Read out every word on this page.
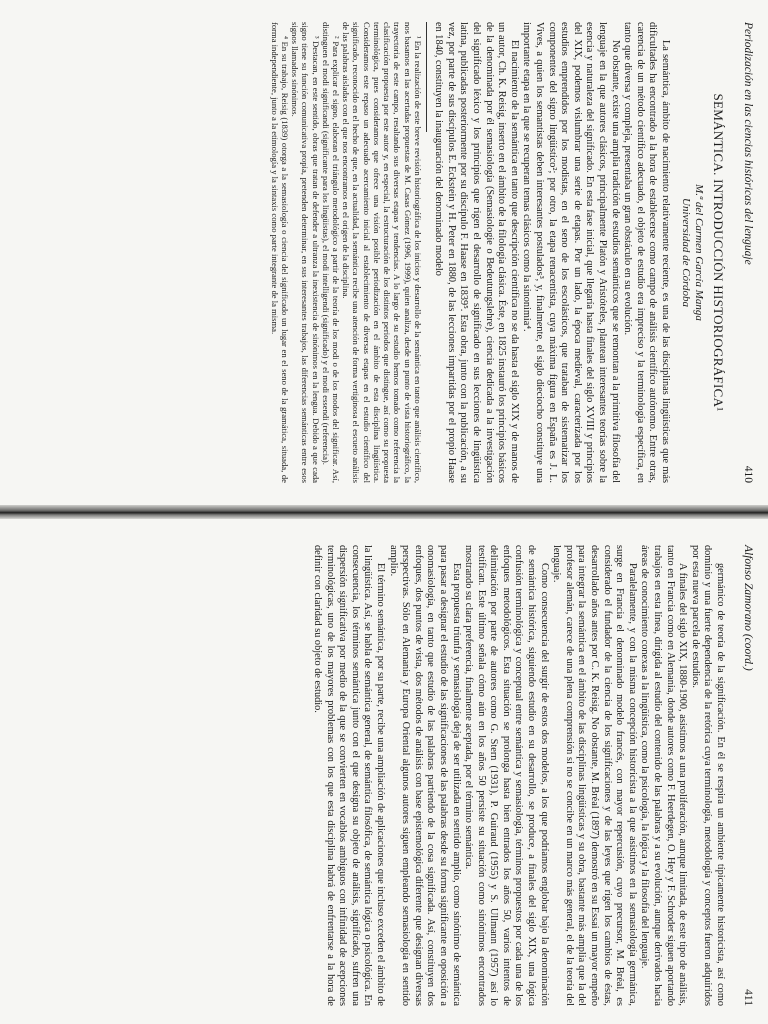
Periodización en las ciencias históricas del lenguaje
410
SEMÁNTICA. INTRODUCCIÓN HISTORIOGRÁFICA¹
M.ª del Carmen García Manga
Universidad de Córdoba

La semántica, ámbito de nacimiento relativamente reciente, es una de las disciplinas lingüísticas que más dificultades ha encontrado a la hora de establecerse como campo de análisis científico autónomo. Entre otras, carencia de un método científico adecuado, el objeto de estudio era impreciso y la terminología específica, en tanto que diversa y compleja, presentaba un gran obstáculo en su evolución.

No obstante, existe una amplia tradición de estudios semánticos que se remontan a la primitiva filosofía del lenguaje en la que autores clásicos, principalmente Platón y Aristóteles, plantean interesantes teorías sobre la esencia y naturaleza del significado. En esta fase inicial, que llegaría hasta finales del siglo XVIII y principios del XIX, podemos vislumbrar una serie de etapas. Por un lado, la época medieval, caracterizada por los estudios emprendidos por los modistas, en el seno de los escolásticos, que trataban de sistematizar los componentes del signo lingüístico²; por otro, la etapa renacentista, cuya máxima figura en España es J. L. Vives, a quien los semantistas deben interesantes postulados³, y, finalmente, el siglo dieciocho constituye una importante etapa en la que se recuperan temas clásicos como la sinonimia⁴.

El nacimiento de la semántica en tanto que descripción científica no se da hasta el siglo XIX y de manos de un autor, Ch. K. Reisig, inserto en el ámbito de la filología clásica. Éste, en 1825 instauró los principios básicos de la denominada por él semasiología (Semasiologie o Bedeutungslehre), ciencia dedicada a la investigación del significado léxico y los principios que rigen el desarrollo de significado en sus lecciones de lingüística latina, publicadas posteriormente por su discípulo F. Haase en 1839⁵. Esta obra, junto con la publicación, a su vez, por parte de sus discípulos E. Eckstein y H. Peter en 1880, de las lecciones impartidas por el propio Haase en 1840, constituyen la inauguración del denominado modelo

¹ En la realización de este breve revisión historiográfica de los inicios y desarrollo de la semántica en tanto que análisis científico, nos basamos en las acertadas propuestas de M. Casas Gómez (1996, 1999), quien analiza, desde un punto de vista historiográfico, la trayectoria de este campo, resaltando sus diversas etapas y tendencias. A lo largo de su estudio hemos tomado como referencia la clasificación propuesta por este autor y, en especial, la estructuración de los distintos periodos que distingue, así como su propuesta terminológica, pues consideramos que ofrece una visión posible periodización en el ámbito de esta disciplina lingüística. Consideramos este repaso un adecuado acercamiento inicial al establecimiento de diversas etapas en el estudio científico del significado, reconocido en el hecho de que, en la actualidad, la semántica recibe una atención de forma vertiginosa el escueto análisis de las palabras aisladas con el que nos encontramos en el origen de la disciplina.

² Para explicar el signo, elaboran el triángulo metodológico a partir de la teoría de los modi o de los modos del significar. Así, distinguen el modi significandi (significante para los lingüistas), el modi intelligendi (significado) y el modi essendi (referencia).

³ Destacan, en este sentido, obras que tratan de defender a ultranza la inexistencia de sinónimos en la lengua. Debido a que cada signo tiene su función comunicativa propia, pretenden determinar, en sus interesantes trabajos, las diferencias semánticas entre esos signos llamados sinónimos.

⁴ En su trabajo, Reisig (1839) otorga a la semasiología o ciencia del significado un lugar en el seno de la gramática, situada, de forma independiente, junto a la etimología y la sintaxis como parte integrante de la misma.

Alfonso Zamorano (coord.)
411

germánico de teoría de la significación. En él se respira un ambiente típicamente historicista, así como dominio y una fuerte dependencia de la retórica cuya terminología, metodología y conceptos fueron adquiridos por esta nueva parcela de estudios.

A finales del siglo XIX, 1880-1900, asistimos a una proliferación, aunque limitada, de este tipo de análisis, tanto en Francia como en Alemania, donde autores como F. Heerdegen, O. Hey y F. Schroder siguen aportando trabajos en esta línea, dirigida al estudio del contenido de las palabras y a su evolución, aunque derivados hacia áreas de conocimiento conexas a la lingüística, como la psicología, la lógica y la filosofía del lenguaje.

Paralelamente, y con la misma concepción historicista a la que asistimos en la semasiología germánica, surge en Francia el denominado modelo francés, con mayor repercusión, cuyo precursor, M. Bréal, es considerado el fundador de la ciencia de los significaciones y de las leyes que rigen los cambios de éstas, desarrollado años antes por C. K. Reisig. No obstante, M. Bréal (1897) demostró en su Essai un mayor empeño para integrar la semántica en el ámbito de las disciplinas lingüísticas y su obra, bastante más amplia que la del profesor alemán, carece de una plena comprensión si no se concibe en un marco más general, el de la teoría del lenguaje.

Como consecuencia del surgir de estos dos modelos, a los que podríamos englobar bajo la denominación de semántica histórica, siguiendo estudio en su desarrollo, se produce, a finales del siglo XIX, una lógica confusión terminológica y conceptual entre semántica y semasiología, términos propuestos por cada una de los enfoques metodológicos. Esta situación se prolonga hasta bien entrados los años 50, varios intentos de delimitación por parte de autores como G. Stern (1931), P. Guiraud (1955) y S. Ullmann (1957) así lo testifican. Este último señala cómo aún en los años 50 persiste su situación como sinónimos encontrados mostrando su clara preferencia, finalmente aceptada, por el término semántica.

Esta propuesta triunfa y semasiología deja de ser utilizada en sentido amplio, como sinónimo de semántica para pasar a designar el estudio de las significaciones de las palabras desde su forma significante en oposición a onomasiología, en tanto que estudio de las palabras partiendo de la cosa significada. Así, constituyen dos enfoques, dos puntos de vista, dos métodos de análisis con base epistemológica diferente que designan diversas perspectivas. Sólo en Alemania y Europa Oriental algunos autores siguen empleando semasiología en sentido amplio.

El término semántica, por su parte, recibe una ampliación de aplicaciones que incluso exceden el ámbito de la lingüística. Así, se habla de semántica general, de semántica filosófica, de semántica lógica o psicológica. En consecuencia, los términos semántica junto con el que designa su objeto de análisis, significado, sufren una dispersión significativa por medio de la que se convierten en vocablos ambiguos con infinidad de acepciones terminológicas, uno de los mayores problemas con los que esta disciplina habrá de enfrentarse a la hora de definir con claridad su objeto de estudio.
